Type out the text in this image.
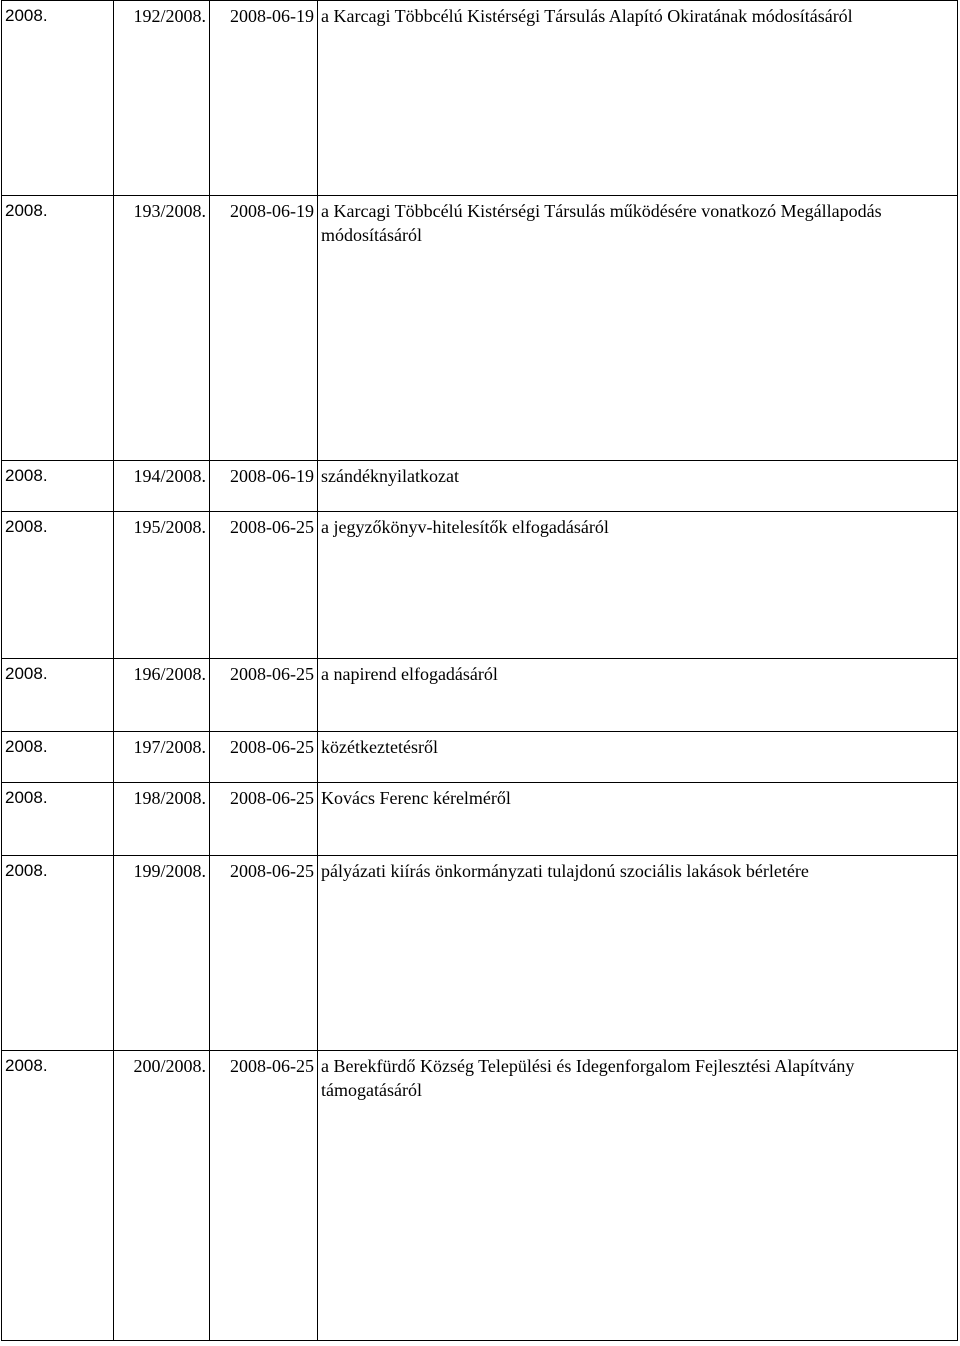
2008.	192/2008.	2008-06-19	a Karcagi Többcélú Kistérségi Társulás Alapító Okiratának módosításáról
2008.	193/2008.	2008-06-19	a Karcagi Többcélú Kistérségi Társulás működésére vonatkozó Megállapodás módosításáról
2008.	194/2008.	2008-06-19	szándéknyilatkozat
2008.	195/2008.	2008-06-25	a jegyzőkönyv-hitelesítők elfogadásáról
2008.	196/2008.	2008-06-25	a napirend elfogadásáról
2008.	197/2008.	2008-06-25	közétkeztetésről
2008.	198/2008.	2008-06-25	Kovács Ferenc kérelméről
2008.	199/2008.	2008-06-25	pályázati kiírás önkormányzati tulajdonú szociális lakások bérletére
2008.	200/2008.	2008-06-25	a Berekfürdő Község Települési és Idegenforgalom Fejlesztési Alapítvány támogatásáról
